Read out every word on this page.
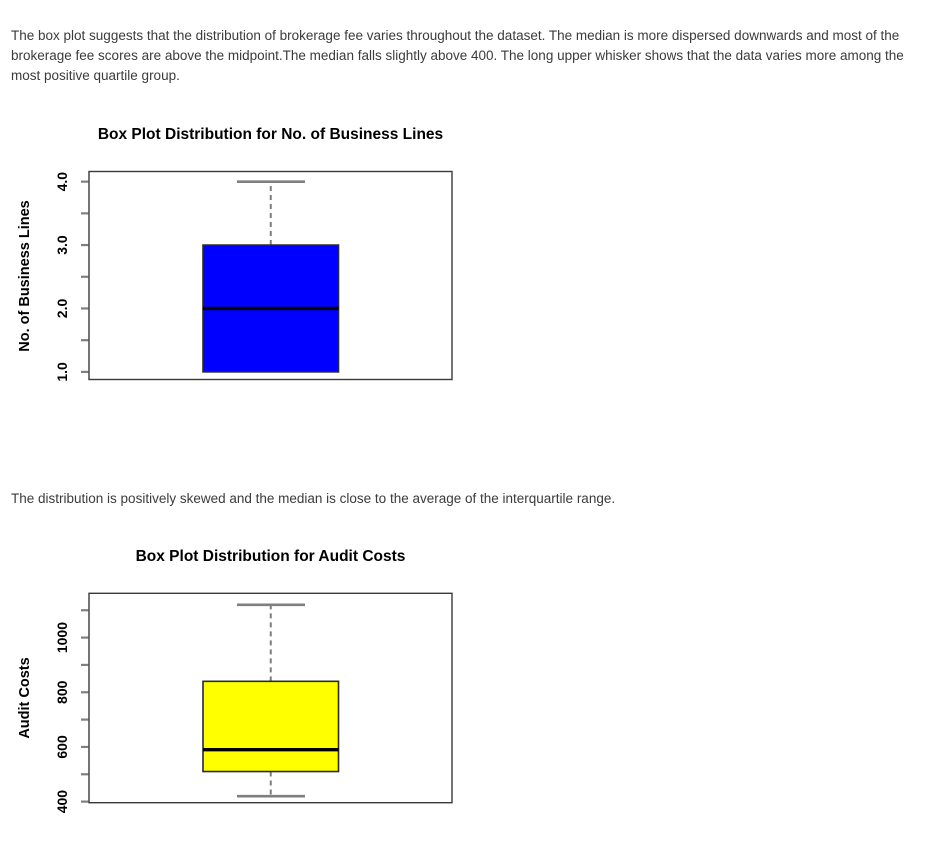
The box plot suggests that the distribution of brokerage fee varies throughout the dataset. The median is more dispersed downwards and most of the brokerage fee scores are above the midpoint.The median falls slightly above 400. The long upper whisker shows that the data varies more among the most positive quartile group.

Box Plot Distribution for No. of Business Lines
No. of Business Lines
1.0
2.0
3.0
4.0

The distribution is positively skewed and the median is close to the average of the interquartile range.

Box Plot Distribution for Audit Costs
Audit Costs
400
600
800
1000
